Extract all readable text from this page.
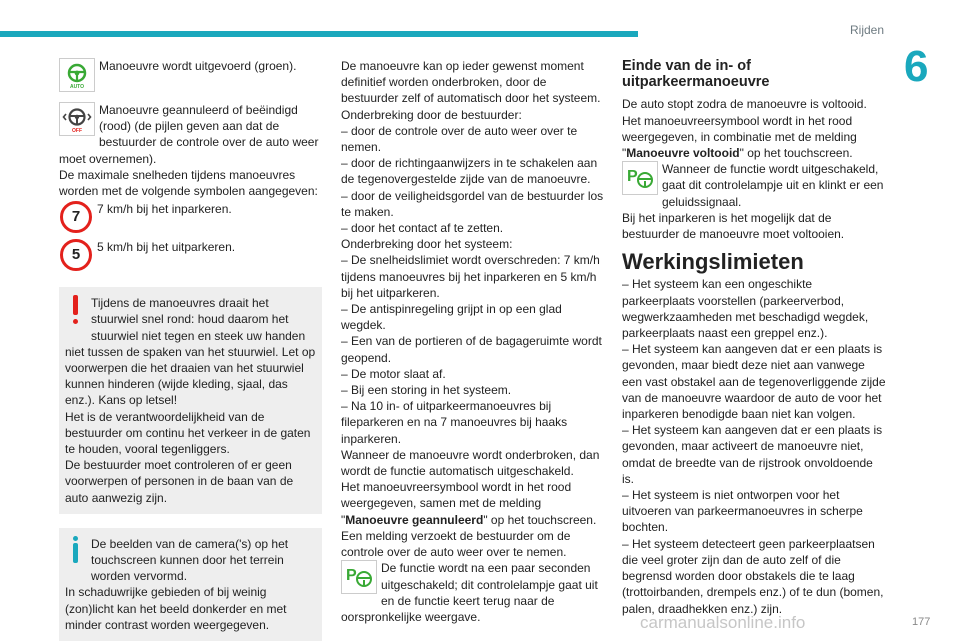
Rijden
6
AUTO

Manoeuvre wordt uitgevoerd (groen).

OFF

Manoeuvre geannuleerd of beëindigd (rood) (de pijlen geven aan dat de bestuurder de controle over de auto weer moet overnemen).

De maximale snelheden tijdens manoeuvres worden met de volgende symbolen aangegeven:

7	7 km/h bij het inparkeren.

5	5 km/h bij het uitparkeren.

Tijdens de manoeuvres draait het stuurwiel snel rond: houd daarom het stuurwiel niet tegen en steek uw handen niet tussen de spaken van het stuurwiel. Let op voorwerpen die het draaien van het stuurwiel kunnen hinderen (wijde kleding, sjaal, das enz.). Kans op letsel!

Het is de verantwoordelijkheid van de bestuurder om continu het verkeer in de gaten te houden, vooral tegenliggers.

De bestuurder moet controleren of er geen voorwerpen of personen in de baan van de auto aanwezig zijn.

De beelden van de camera('s) op het touchscreen kunnen door het terrein worden vervormd.

In schaduwrijke gebieden of bij weinig (zon)licht kan het beeld donkerder en met minder contrast worden weergegeven.

De manoeuvre kan op ieder gewenst moment definitief worden onderbroken, door de bestuurder zelf of automatisch door het systeem.

Onderbreking door de bestuurder:

– door de controle over de auto weer over te nemen.

– door de richtingaanwijzers in te schakelen aan de tegenovergestelde zijde van de manoeuvre.

– door de veiligheidsgordel van de bestuurder los te maken.

– door het contact af te zetten.

Onderbreking door het systeem:

– De snelheidslimiet wordt overschreden: 7 km/h tijdens manoeuvres bij het inparkeren en 5 km/h bij het uitparkeren.

– De antispinregeling grijpt in op een glad wegdek.

– Een van de portieren of de bagageruimte wordt geopend.

– De motor slaat af.

– Bij een storing in het systeem.

– Na 10 in- of uitparkeermanoeuvres bij fileparkeren en na 7 manoeuvres bij haaks inparkeren.

Wanneer de manoeuvre wordt onderbroken, dan wordt de functie automatisch uitgeschakeld.

Het manoeuvreersymbool wordt in het rood weergegeven, samen met de melding "Manoeuvre geannuleerd" op het touchscreen.

Een melding verzoekt de bestuurder om de controle over de auto weer over te nemen.

P	De functie wordt na een paar seconden uitgeschakeld; dit controlelampje gaat uit en de functie keert terug naar de oorspronkelijke weergave.

Einde van de in- of uitparkeermanoeuvre

De auto stopt zodra de manoeuvre is voltooid.

Het manoeuvreersymbool wordt in het rood weergegeven, in combinatie met de melding "Manoeuvre voltooid" op het touchscreen.

P	Wanneer de functie wordt uitgeschakeld, gaat dit controlelampje uit en klinkt er een geluidssignaal.

Bij het inparkeren is het mogelijk dat de bestuurder de manoeuvre moet voltooien.

Werkingslimieten

– Het systeem kan een ongeschikte parkeerplaats voorstellen (parkeerverbod, wegwerkzaamheden met beschadigd wegdek, parkeerplaats naast een greppel enz.).

– Het systeem kan aangeven dat er een plaats is gevonden, maar biedt deze niet aan vanwege een vast obstakel aan de tegenoverliggende zijde van de manoeuvre waardoor de auto de voor het inparkeren benodigde baan niet kan volgen.

– Het systeem kan aangeven dat er een plaats is gevonden, maar activeert de manoeuvre niet, omdat de breedte van de rijstrook onvoldoende is.

– Het systeem is niet ontworpen voor het uitvoeren van parkeermanoeuvres in scherpe bochten.

– Het systeem detecteert geen parkeerplaatsen die veel groter zijn dan de auto zelf of die begrensd worden door obstakels die te laag (trottoirbanden, drempels enz.) of te dun (bomen, palen, draadhekken enz.) zijn.

carmanualsonline.info	177
